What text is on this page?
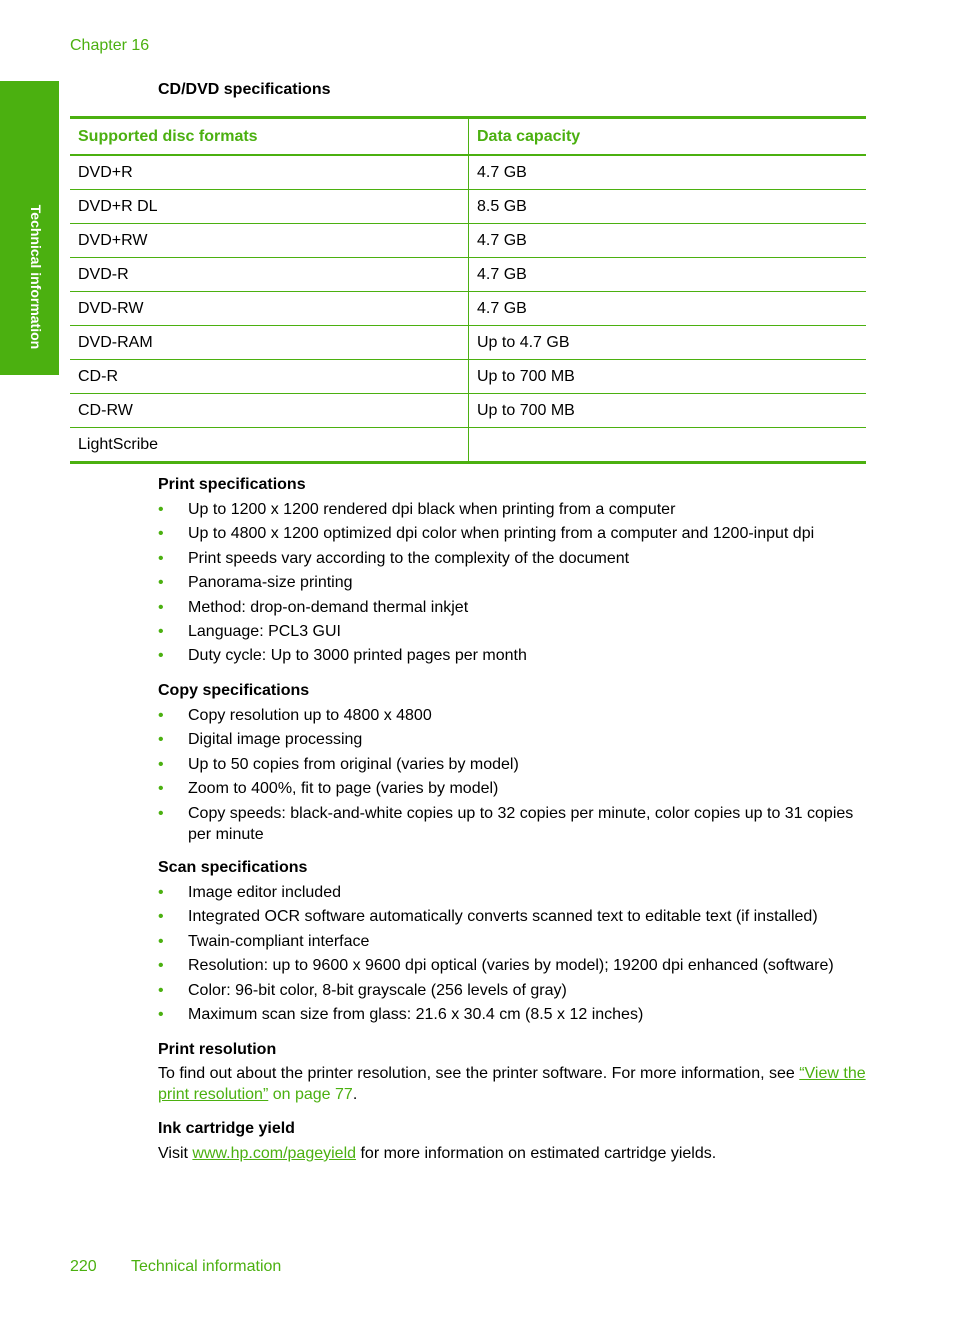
Chapter 16
Technical information
CD/DVD specifications
Supported disc formats	Data capacity
DVD+R	4.7 GB
DVD+R DL	8.5 GB
DVD+RW	4.7 GB
DVD-R	4.7 GB
DVD-RW	4.7 GB
DVD-RAM	Up to 4.7 GB
CD-R	Up to 700 MB
CD-RW	Up to 700 MB
LightScribe	
Print specifications
• Up to 1200 x 1200 rendered dpi black when printing from a computer
• Up to 4800 x 1200 optimized dpi color when printing from a computer and 1200-input dpi
• Print speeds vary according to the complexity of the document
• Panorama-size printing
• Method: drop-on-demand thermal inkjet
• Language: PCL3 GUI
• Duty cycle: Up to 3000 printed pages per month
Copy specifications
• Copy resolution up to 4800 x 4800
• Digital image processing
• Up to 50 copies from original (varies by model)
• Zoom to 400%, fit to page (varies by model)
• Copy speeds: black-and-white copies up to 32 copies per minute, color copies up to 31 copies per minute
Scan specifications
• Image editor included
• Integrated OCR software automatically converts scanned text to editable text (if installed)
• Twain-compliant interface
• Resolution: up to 9600 x 9600 dpi optical (varies by model); 19200 dpi enhanced (software)
• Color: 96-bit color, 8-bit grayscale (256 levels of gray)
• Maximum scan size from glass: 21.6 x 30.4 cm (8.5 x 12 inches)
Print resolution
To find out about the printer resolution, see the printer software. For more information, see “View the print resolution” on page 77.
Ink cartridge yield
Visit www.hp.com/pageyield for more information on estimated cartridge yields.
220 Technical information
